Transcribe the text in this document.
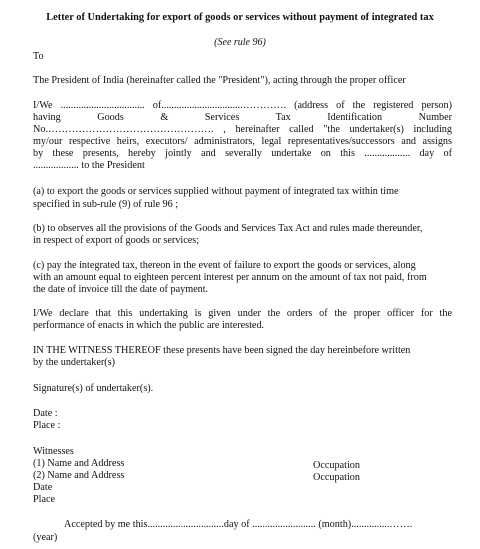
Letter of Undertaking for export of goods or services without payment of integrated tax
(See rule 96)
To
The President of India (hereinafter called the "President"), acting through the proper officer
I/We ................................. of................................…………. (address of the registered person)
having Goods & Services Tax Identification Number
No.…………………………………………. , hereinafter called "the undertaker(s) including
my/our respective heirs, executors/ administrators, legal representatives/successors and assigns
by these presents, hereby jointly and severally undertake on this .................. day of
.................. to the President
(a) to export the goods or services supplied without payment of integrated tax within time
specified in sub-rule (9) of rule 96 ;
(b) to observes all the provisions of the Goods and Services Tax Act and rules made thereunder,
in respect of export of goods or services;
(c) pay the integrated tax, thereon in the event of failure to export the goods or services, along
with an amount equal to eighteen percent interest per annum on the amount of tax not paid, from
the date of invoice till the date of payment.
I/We declare that this undertaking is given under the orders of the proper officer for the
performance of enacts in which the public are interested.
IN THE WITNESS THEREOF these presents have been signed the day hereinbefore written
by the undertaker(s)
Signature(s) of undertaker(s).
Date :
Place :
Witnesses
(1) Name and Address	Occupation
(2) Name and Address	Occupation
Date
Place
Accepted by me this..............................day of ......................... (month)...............…….
(year)
